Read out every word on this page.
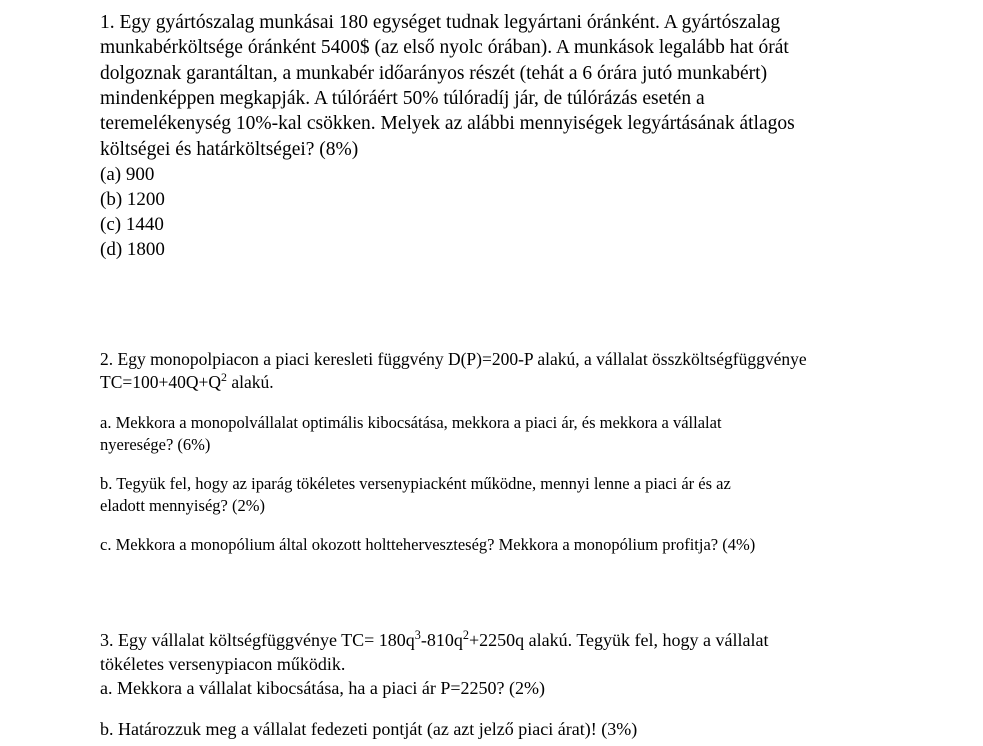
1. Egy gyártószalag munkásai 180 egységet tudnak legyártani óránként. A gyártószalag

munkabérköltsége óránként 5400$ (az első nyolc órában). A munkások legalább hat órát

dolgoznak garantáltan, a munkabér időarányos részét (tehát a 6 órára jutó munkabért)

mindenképpen megkapják. A túlóráért 50% túlóradíj jár, de túlórázás esetén a

teremelékenység 10%-kal csökken. Melyek az alábbi mennyiségek legyártásának átlagos

költségei és határköltségei? (8%)

(a) 900

(b) 1200

(c) 1440

(d) 1800

2. Egy monopolpiacon a piaci keresleti függvény D(P)=200-P alakú, a vállalat összköltségfüggvénye

$TC=100+40Q+Q^2$ alakú.

a. Mekkora a monopolvállalat optimális kibocsátása, mekkora a piaci ár, és mekkora a vállalat

nyeresége? (6%)

b. Tegyük fel, hogy az iparág tökéletes versenypiacként működne, mennyi lenne a piaci ár és az

eladott mennyiség? (2%)

c. Mekkora a monopólium által okozott holtteherveszteség? Mekkora a monopólium profitja? (4%)

3. Egy vállalat költségfüggvénye $TC= 180q^3-810q^2+2250q$ alakú. Tegyük fel, hogy a vállalat

tökéletes versenypiacon működik.

a. Mekkora a vállalat kibocsátása, ha a piaci ár P=2250? (2%)

b. Határozzuk meg a vállalat fedezeti pontját (az azt jelző piaci árat)! (3%)
